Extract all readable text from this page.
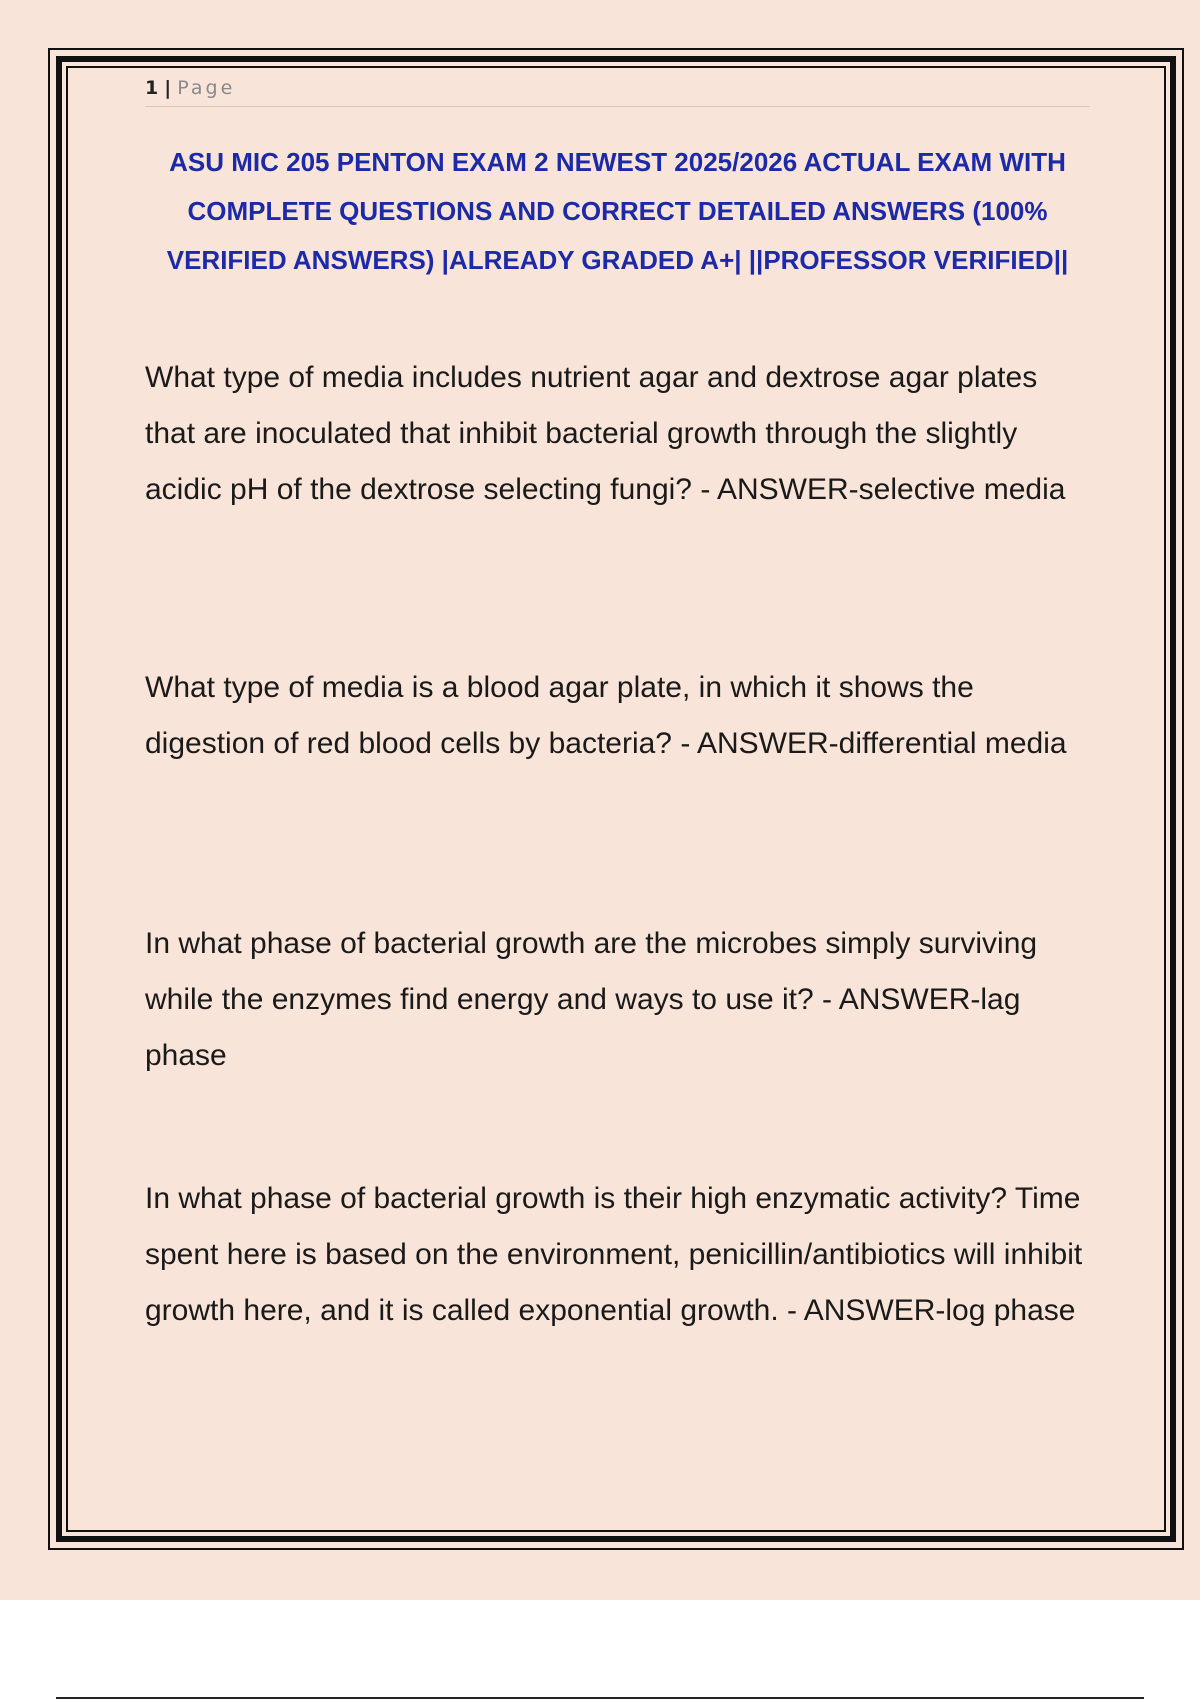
1 | Page
ASU MIC 205 PENTON EXAM 2 NEWEST 2025/2026 ACTUAL EXAM WITH COMPLETE QUESTIONS AND CORRECT DETAILED ANSWERS (100% VERIFIED ANSWERS) |ALREADY GRADED A+| ||PROFESSOR VERIFIED||

What type of media includes nutrient agar and dextrose agar plates that are inoculated that inhibit bacterial growth through the slightly acidic pH of the dextrose selecting fungi? - ANSWER-selective media

What type of media is a blood agar plate, in which it shows the digestion of red blood cells by bacteria? - ANSWER-differential media

In what phase of bacterial growth are the microbes simply surviving while the enzymes find energy and ways to use it? - ANSWER-lag phase

In what phase of bacterial growth is their high enzymatic activity? Time spent here is based on the environment, penicillin/antibiotics will inhibit growth here, and it is called exponential growth. - ANSWER-log phase
